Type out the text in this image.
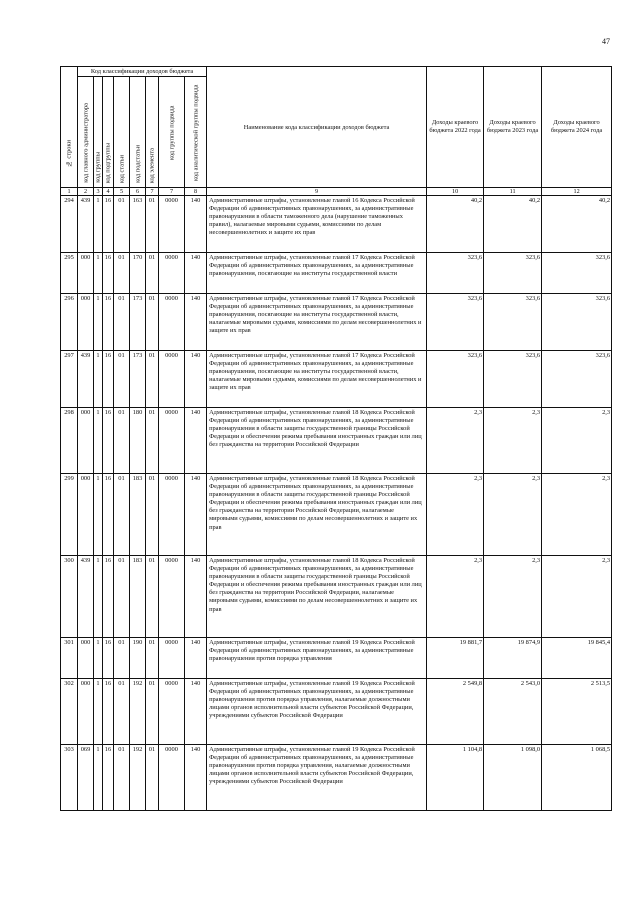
47
№ строки	Код классификации доходов бюджета								Наименование кода классификации доходов бюджета	Доходы краевого бюджета 2022 года	Доходы краевого бюджета 2023 года	Доходы краевого бюджета 2024 года

	код главного администратора	код группы	код подгруппы	код статьи	код подстатьи	код элемента	код группы подвида	код аналитической группы подвида				

1	2	3	4	5	6	7	7	8	9	10	11	12
294	439	1	16	01	163	01	0000	140	Административные штрафы, установленные главой 16 Кодекса Российской Федерации об административных правонарушениях, за административные правонарушения в области таможенного дела (нарушение таможенных правил), налагаемые мировыми судьями, комиссиями по делам несовершеннолетних и защите их прав	40,2	40,2	40,2
295	000	1	16	01	170	01	0000	140	Административные штрафы, установленные главой 17 Кодекса Российской Федерации об административных правонарушениях, за административные правонарушения, посягающие на институты государственной власти	323,6	323,6	323,6
296	000	1	16	01	173	01	0000	140	Административные штрафы, установленные главой 17 Кодекса Российской Федерации об административных правонарушениях, за административные правонарушения, посягающие на институты государственной власти, налагаемые мировыми судьями, комиссиями по делам несовершеннолетних и защите их прав	323,6	323,6	323,6
297	439	1	16	01	173	01	0000	140	Административные штрафы, установленные главой 17 Кодекса Российской Федерации об административных правонарушениях, за административные правонарушения, посягающие на институты государственной власти, налагаемые мировыми судьями, комиссиями по делам несовершеннолетних и защите их прав	323,6	323,6	323,6
298	000	1	16	01	180	01	0000	140	Административные штрафы, установленные главой 18 Кодекса Российской Федерации об административных правонарушениях, за административные правонарушения в области защиты государственной границы Российской Федерации и обеспечения режима пребывания иностранных граждан или лиц без гражданства на территории Российской Федерации	2,3	2,3	2,3
299	000	1	16	01	183	01	0000	140	Административные штрафы, установленные главой 18 Кодекса Российской Федерации об административных правонарушениях, за административные правонарушения в области защиты государственной границы Российской Федерации и обеспечения режима пребывания иностранных граждан или лиц без гражданства на территории Российской Федерации, налагаемые мировыми судьями, комиссиями по делам несовершеннолетних и защите их прав	2,3	2,3	2,3
300	439	1	16	01	183	01	0000	140	Административные штрафы, установленные главой 18 Кодекса Российской Федерации об административных правонарушениях, за административные правонарушения в области защиты государственной границы Российской Федерации и обеспечения режима пребывания иностранных граждан или лиц без гражданства на территории Российской Федерации, налагаемые мировыми судьями, комиссиями по делам несовершеннолетних и защите их прав	2,3	2,3	2,3
301	000	1	16	01	190	01	0000	140	Административные штрафы, установленные главой 19 Кодекса Российской Федерации об административных правонарушениях, за административные правонарушения против порядка управления	19 881,7	19 874,9	19 845,4
302	000	1	16	01	192	01	0000	140	Административные штрафы, установленные главой 19 Кодекса Российской Федерации об административных правонарушениях, за административные правонарушения против порядка управления, налагаемые должностными лицами органов исполнительной власти субъектов Российской Федерации, учреждениями субъектов Российской Федерации	2 549,8	2 543,0	2 513,5
303	069	1	16	01	192	01	0000	140	Административные штрафы, установленные главой 19 Кодекса Российской Федерации об административных правонарушениях, за административные правонарушения против порядка управления, налагаемые должностными лицами органов исполнительной власти субъектов Российской Федерации, учреждениями субъектов Российской Федерации	1 104,8	1 098,0	1 068,5
